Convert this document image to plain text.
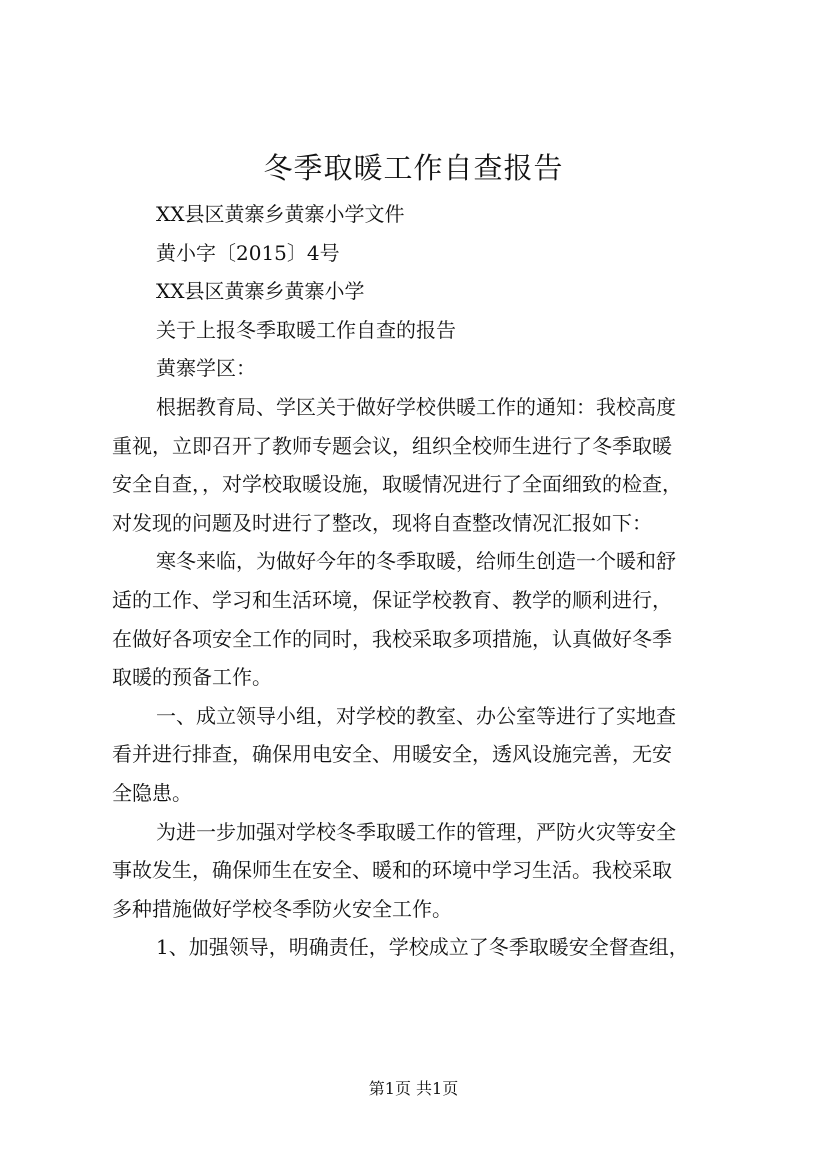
冬季取暖工作自查报告
XX县区黄寨乡黄寨小学文件
黄小字〔2015〕4号
XX县区黄寨乡黄寨小学
关于上报冬季取暖工作自查的报告
黄寨学区：
根据教育局、学区关于做好学校供暖工作的通知：我校高度
重视，立即召开了教师专题会议，组织全校师生进行了冬季取暖
安全自查，，对学校取暖设施，取暖情况进行了全面细致的检查，
对发现的问题及时进行了整改，现将自查整改情况汇报如下：
寒冬来临，为做好今年的冬季取暖，给师生创造一个暖和舒
适的工作、学习和生活环境，保证学校教育、教学的顺利进行，
在做好各项安全工作的同时，我校采取多项措施，认真做好冬季
取暖的预备工作。
一、成立领导小组，对学校的教室、办公室等进行了实地查
看并进行排查，确保用电安全、用暖安全，透风设施完善，无安
全隐患。
为进一步加强对学校冬季取暖工作的管理，严防火灾等安全
事故发生，确保师生在安全、暖和的环境中学习生活。我校采取
多种措施做好学校冬季防火安全工作。
1、加强领导，明确责任，学校成立了冬季取暖安全督查组，
第1页 共1页
